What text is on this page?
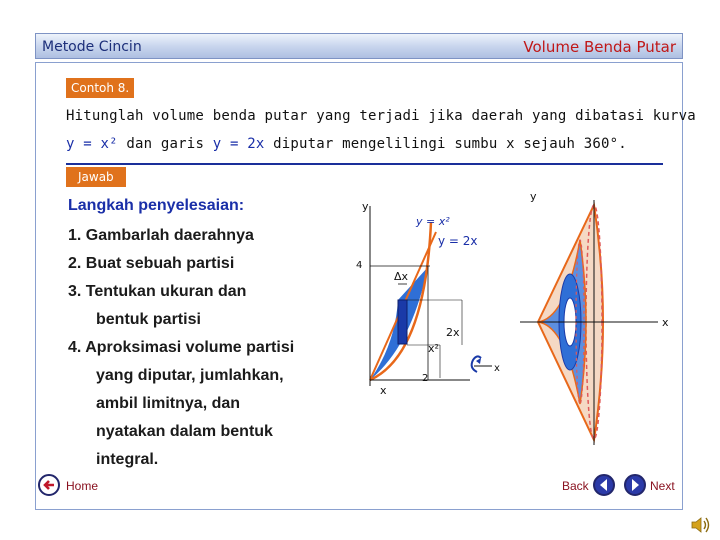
Metode Cincin	Volume Benda Putar
Contoh 8.
Hitunglah volume benda putar yang terjadi jika daerah yang dibatasi kurva
y = x² dan garis y = 2x diputar mengelilingi sumbu x sejauh 360°.
Jawab
Langkah penyelesaian:
1. Gambarlah daerahnya
2. Buat sebuah partisi
3. Tentukan ukuran dan
bentuk partisi
4. Aproksimasi volume partisi
yang diputar, jumlahkan,
ambil limitnya, dan
nyatakan dalam bentuk
integral.
y
y = x²
y = 2x
4
Δx
2x
x²
x
2
x
y
x
Home	Back	Next
